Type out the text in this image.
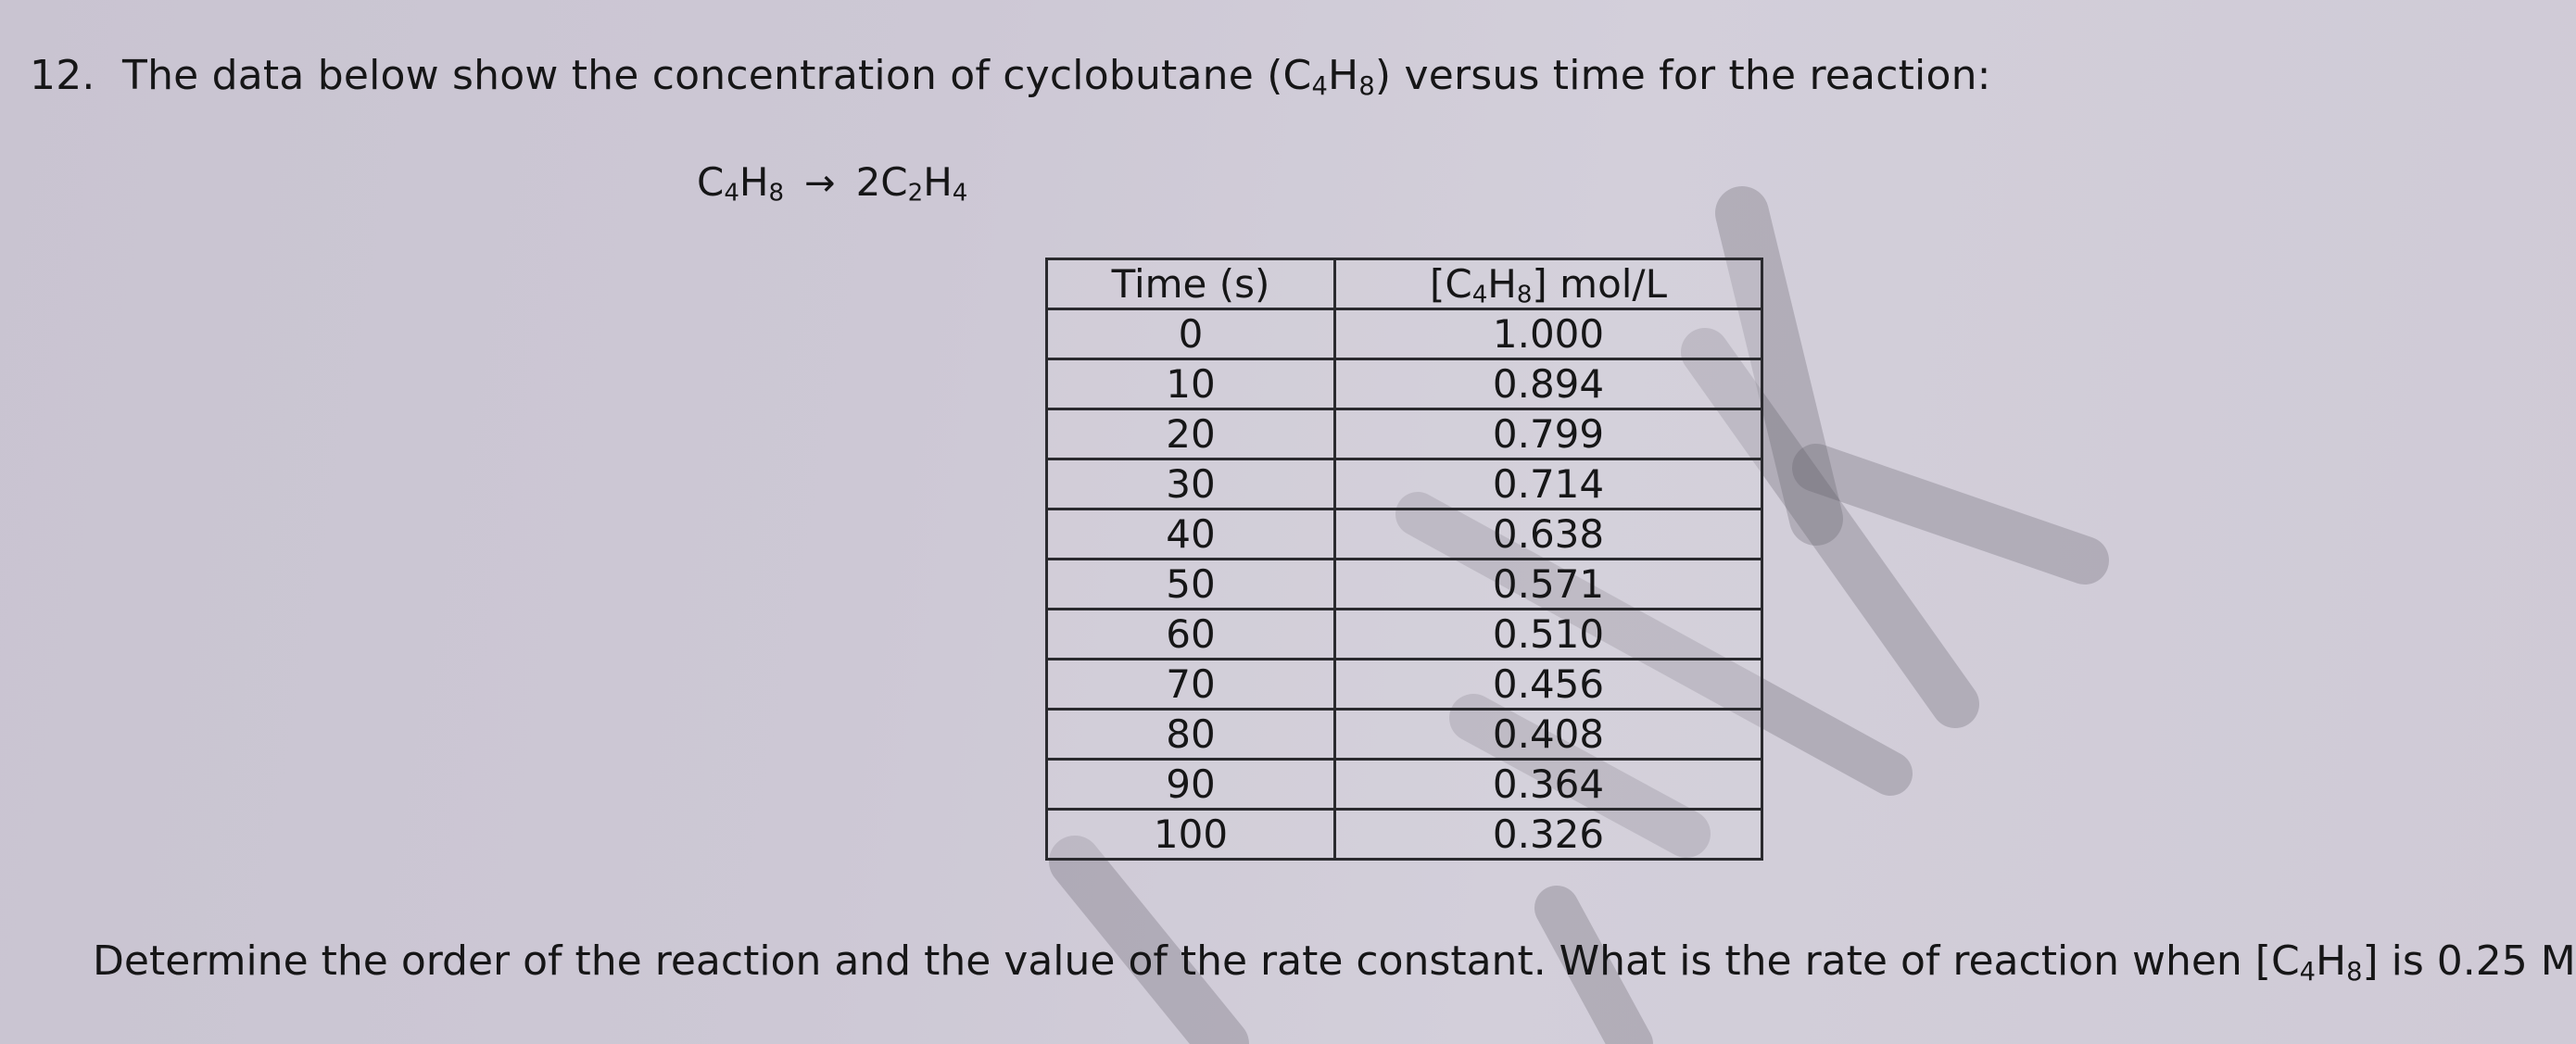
12. The data below show the concentration of cyclobutane $(C_4H_8)$ versus time for the reaction:
$C_4H_8 \to 2C_2H_4$
Time (s)	$[C_4H_8]$ mol/L
0	1.000
10	0.894
20	0.799
30	0.714
40	0.638
50	0.571
60	0.510
70	0.456
80	0.408
90	0.364
100	0.326
Determine the order of the reaction and the value of the rate constant. What is the rate of reaction when $[C_4H_8]$ is 0.25 M
